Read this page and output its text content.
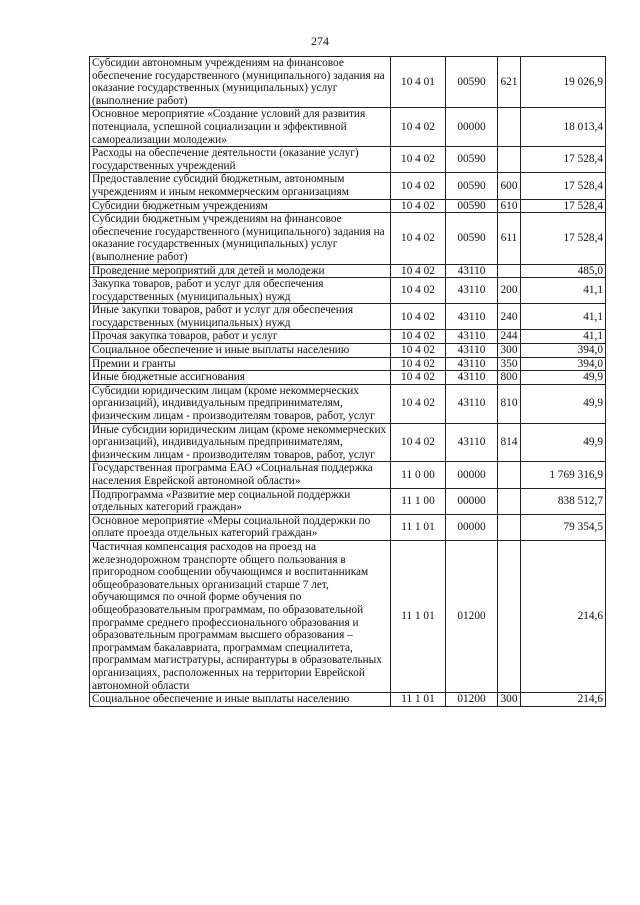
274
Субсидии автономным учреждениям на финансовое обеспечение государственного (муниципального) задания на оказание государственных (муниципальных) услуг (выполнение работ)	10 4 01	00590	621	19 026,9
Основное мероприятие «Создание условий для развития потенциала, успешной социализации и эффективной самореализации молодежи»	10 4 02	00000		18 013,4
Расходы на обеспечение деятельности (оказание услуг) государственных учреждений	10 4 02	00590		17 528,4
Предоставление субсидий бюджетным, автономным учреждениям и иным некоммерческим организациям	10 4 02	00590	600	17 528,4
Субсидии бюджетным учреждениям	10 4 02	00590	610	17 528,4
Субсидии бюджетным учреждениям на финансовое обеспечение государственного (муниципального) задания на оказание государственных (муниципальных) услуг (выполнение работ)	10 4 02	00590	611	17 528,4
Проведение мероприятий для детей и молодежи	10 4 02	43110		485,0
Закупка товаров, работ и услуг для обеспечения государственных (муниципальных) нужд	10 4 02	43110	200	41,1
Иные закупки товаров, работ и услуг для обеспечения государственных (муниципальных) нужд	10 4 02	43110	240	41,1
Прочая закупка товаров, работ и услуг	10 4 02	43110	244	41,1
Социальное обеспечение и иные выплаты населению	10 4 02	43110	300	394,0
Премии и гранты	10 4 02	43110	350	394,0
Иные бюджетные ассигнования	10 4 02	43110	800	49,9
Субсидии юридическим лицам (кроме некоммерческих организаций), индивидуальным предпринимателям, физическим лицам - производителям товаров, работ, услуг	10 4 02	43110	810	49,9
Иные субсидии юридическим лицам (кроме некоммерческих организаций), индивидуальным предпринимателям, физическим лицам - производителям товаров, работ, услуг	10 4 02	43110	814	49,9
Государственная программа ЕАО «Социальная поддержка населения Еврейской автономной области»	11 0 00	00000		1 769 316,9
Подпрограмма «Развитие мер социальной поддержки отдельных категорий граждан»	11 1 00	00000		838 512,7
Основное мероприятие «Меры социальной поддержки по оплате проезда отдельных категорий граждан»	11 1 01	00000		79 354,5
Частичная компенсация расходов на проезд на железнодорожном транспорте общего пользования в пригородном сообщении обучающимся и воспитанникам общеобразовательных организаций старше 7 лет, обучающимся по очной форме обучения по общеобразовательным программам, по образовательной программе среднего профессионального образования и образовательным программам высшего образования – программам бакалавриата, программам специалитета, программам магистратуры, аспирантуры в образовательных организациях, расположенных на территории Еврейской автономной области	11 1 01	01200		214,6
Социальное обеспечение и иные выплаты населению	11 1 01	01200	300	214,6
